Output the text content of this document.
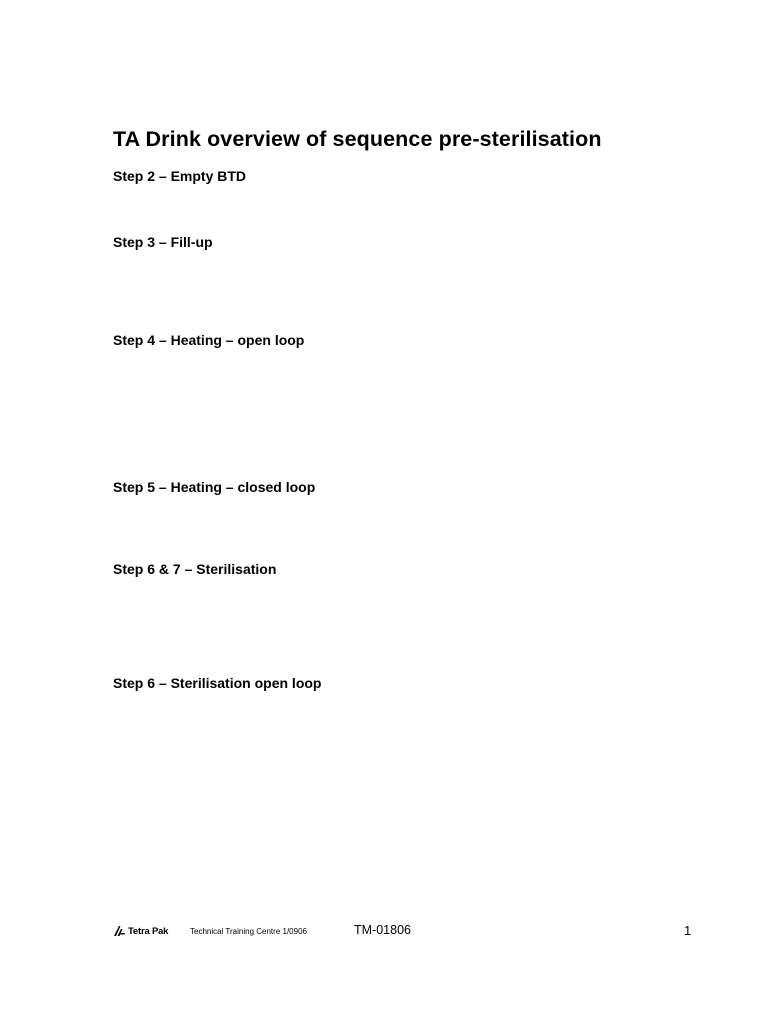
TA Drink overview of sequence pre-sterilisation
Step 2 – Empty BTD
Step 3 – Fill-up
Step 4 – Heating – open loop
Step 5 – Heating – closed loop
Step 6 & 7 – Sterilisation
Step 6 – Sterilisation open loop
Tetra Pak	Technical Training Centre 1/0906	TM-01806	1
